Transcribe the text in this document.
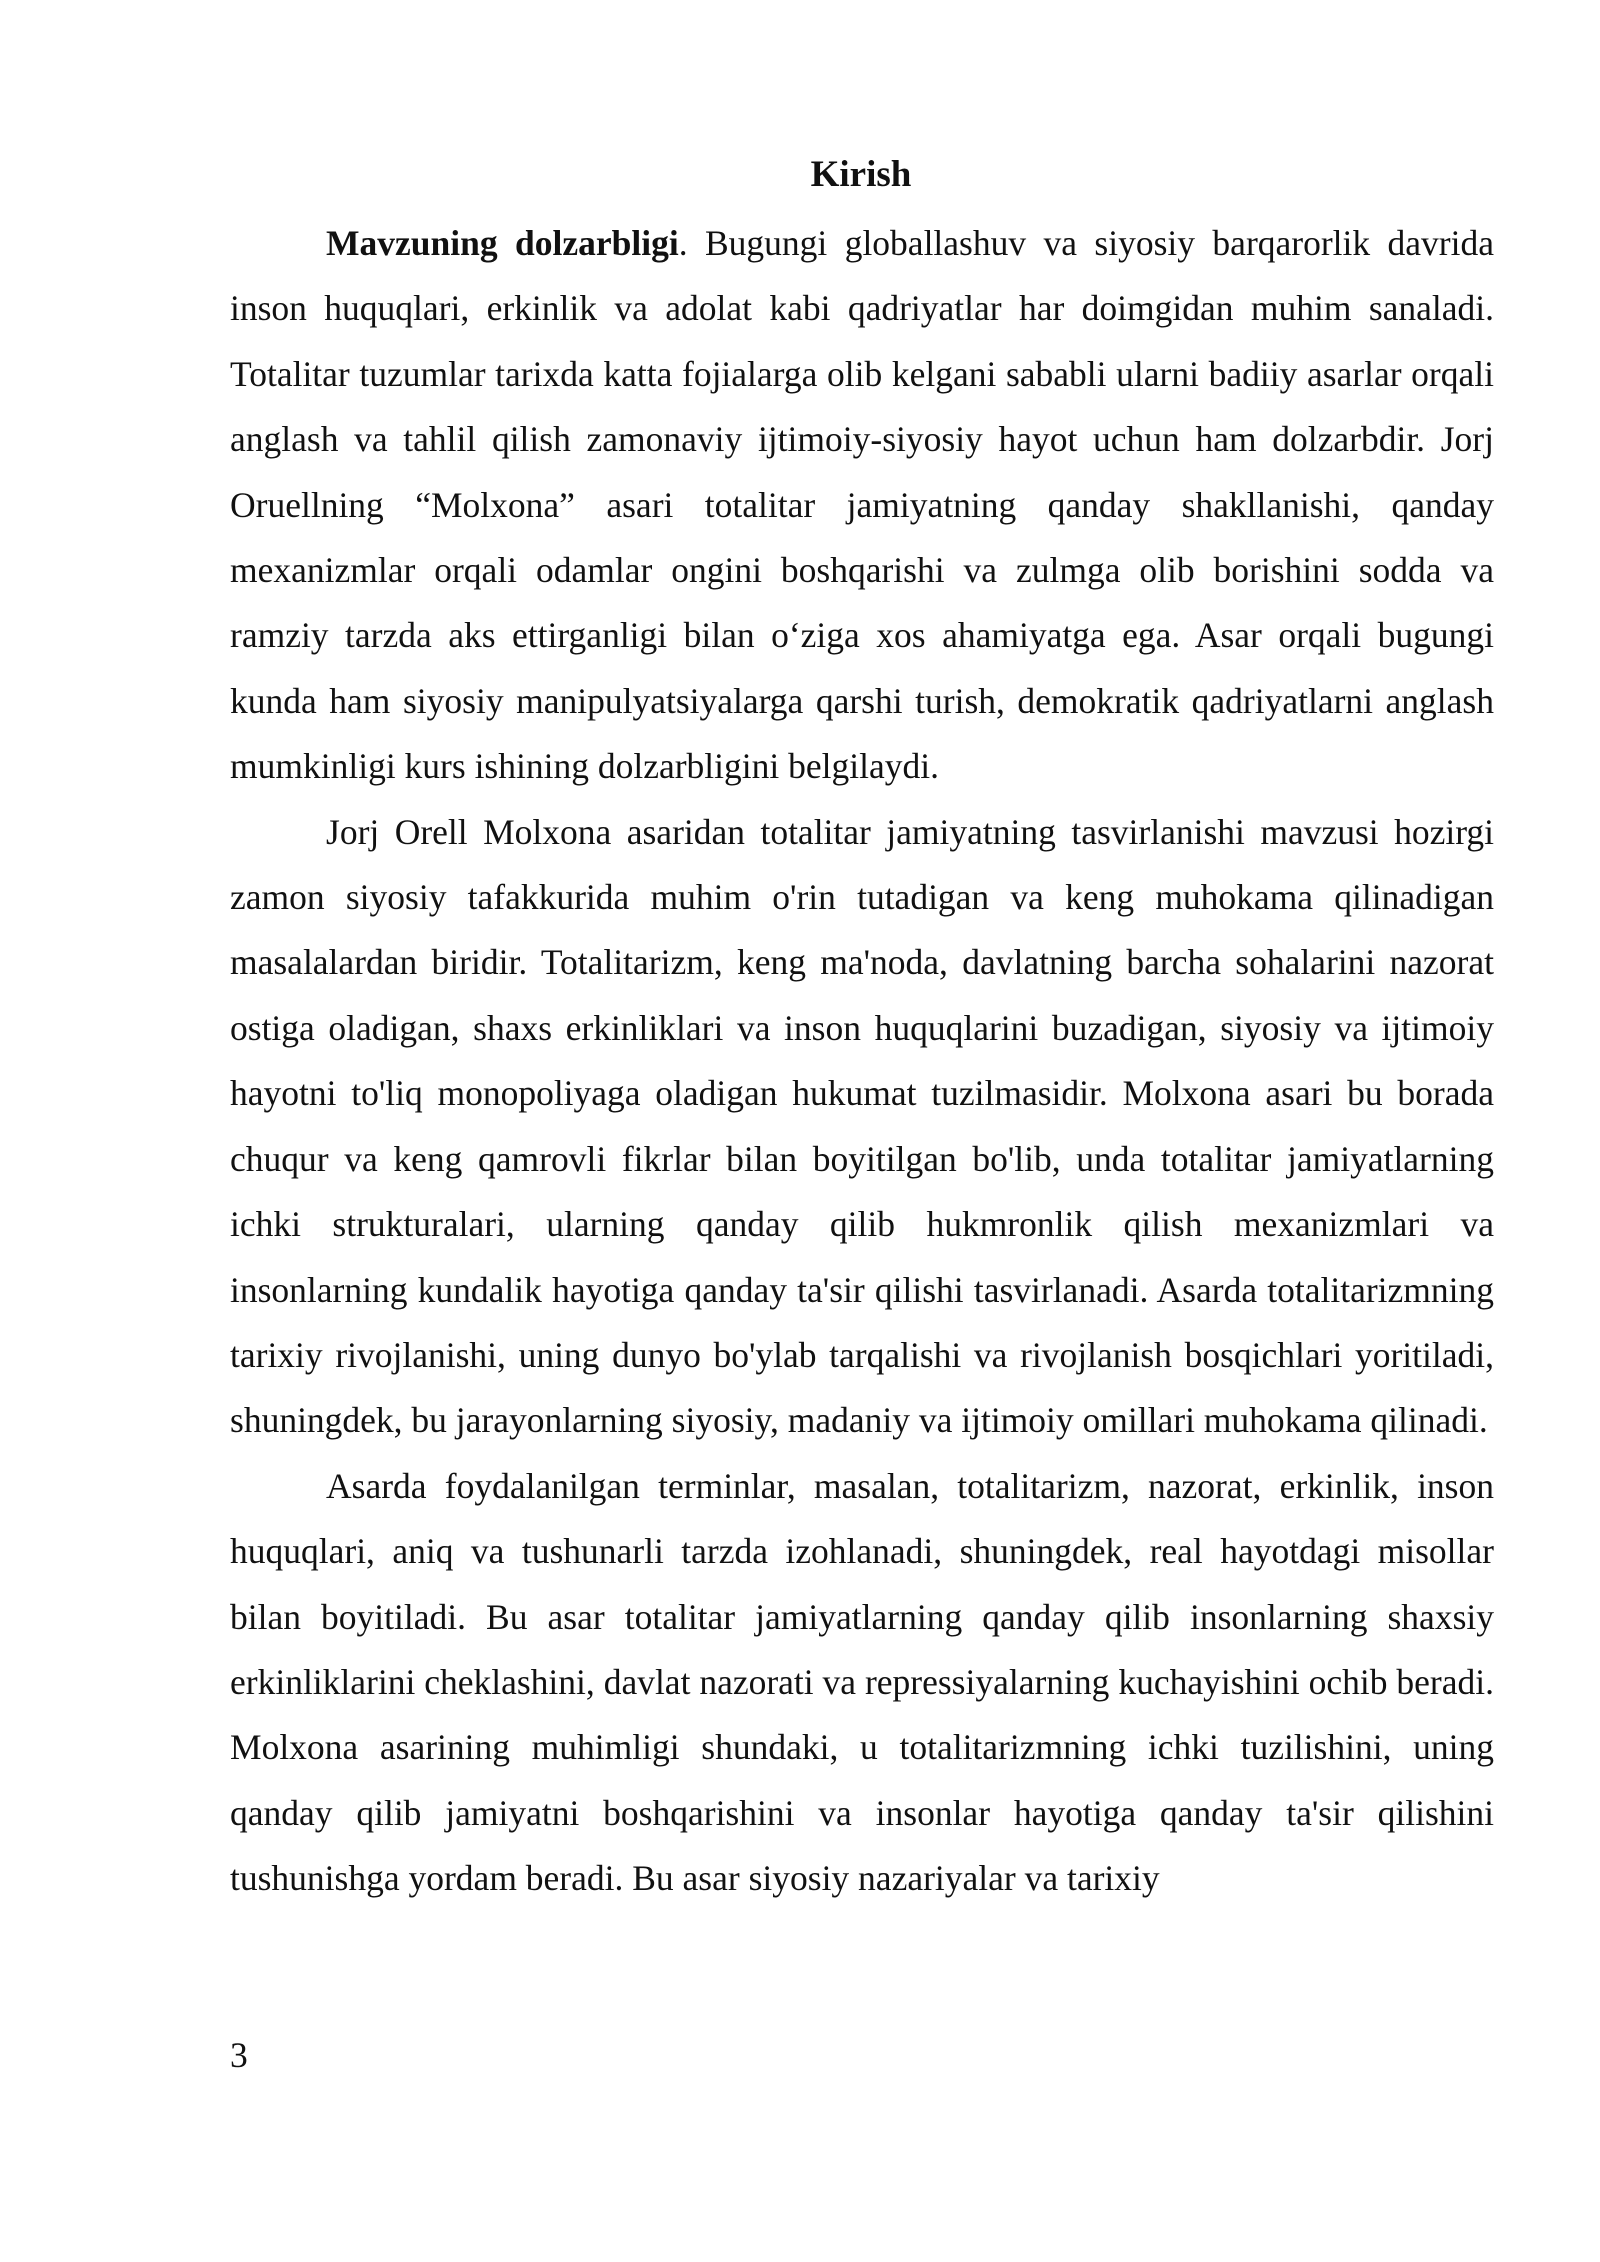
Kirish

Mavzuning dolzarbligi. Bugungi globallashuv va siyosiy barqarorlik davrida inson huquqlari, erkinlik va adolat kabi qadriyatlar har doimgidan muhim sanaladi. Totalitar tuzumlar tarixda katta fojialarga olib kelgani sababli ularni badiiy asarlar orqali anglash va tahlil qilish zamonaviy ijtimoiy-siyosiy hayot uchun ham dolzarbdir. Jorj Oruellning “Molxona” asari totalitar jamiyatning qanday shakllanishi, qanday mexanizmlar orqali odamlar ongini boshqarishi va zulmga olib borishini sodda va ramziy tarzda aks ettirganligi bilan o‘ziga xos ahamiyatga ega. Asar orqali bugungi kunda ham siyosiy manipulyatsiyalarga qarshi turish, demokratik qadriyatlarni anglash mumkinligi kurs ishining dolzarbligini belgilaydi.

Jorj Orell Molxona asaridan totalitar jamiyatning tasvirlanishi mavzusi hozirgi zamon siyosiy tafakkurida muhim o'rin tutadigan va keng muhokama qilinadigan masalalardan biridir. Totalitarizm, keng ma'noda, davlatning barcha sohalarini nazorat ostiga oladigan, shaxs erkinliklari va inson huquqlarini buzadigan, siyosiy va ijtimoiy hayotni to'liq monopoliyaga oladigan hukumat tuzilmasidir. Molxona asari bu borada chuqur va keng qamrovli fikrlar bilan boyitilgan bo'lib, unda totalitar jamiyatlarning ichki strukturalari, ularning qanday qilib hukmronlik qilish mexanizmlari va insonlarning kundalik hayotiga qanday ta'sir qilishi tasvirlanadi. Asarda totalitarizmning tarixiy rivojlanishi, uning dunyo bo'ylab tarqalishi va rivojlanish bosqichlari yoritiladi, shuningdek, bu jarayonlarning siyosiy, madaniy va ijtimoiy omillari muhokama qilinadi.

Asarda foydalanilgan terminlar, masalan, totalitarizm, nazorat, erkinlik, inson huquqlari, aniq va tushunarli tarzda izohlanadi, shuningdek, real hayotdagi misollar bilan boyitiladi. Bu asar totalitar jamiyatlarning qanday qilib insonlarning shaxsiy erkinliklarini cheklashini, davlat nazorati va repressiyalarning kuchayishini ochib beradi. Molxona asarining muhimligi shundaki, u totalitarizmning ichki tuzilishini, uning qanday qilib jamiyatni boshqarishini va insonlar hayotiga qanday ta'sir qilishini tushunishga yordam beradi. Bu asar siyosiy nazariyalar va tarixiy

3
